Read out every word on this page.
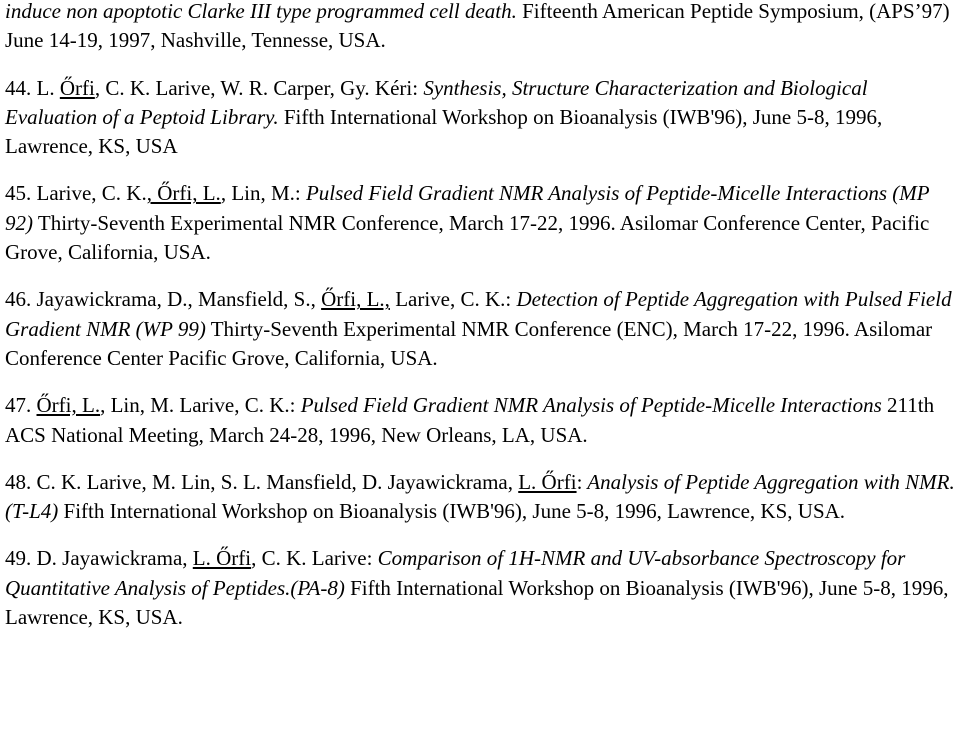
induce non apoptotic Clarke III type programmed cell death. Fifteenth American Peptide Symposium, (APS’97) June 14-19, 1997, Nashville, Tennesse, USA.

44. L. Őrfi, C. K. Larive, W. R. Carper, Gy. Kéri: Synthesis, Structure Characterization and Biological Evaluation of a Peptoid Library. Fifth International Workshop on Bioanalysis (IWB'96), June 5-8, 1996, Lawrence, KS, USA

45. Larive, C. K., Őrfi, L., Lin, M.: Pulsed Field Gradient NMR Analysis of Peptide-Micelle Interactions (MP 92) Thirty-Seventh Experimental NMR Conference, March 17-22, 1996. Asilomar Conference Center, Pacific Grove, California, USA.

46. Jayawickrama, D., Mansfield, S., Őrfi, L., Larive, C. K.: Detection of Peptide Aggregation with Pulsed Field Gradient NMR (WP 99) Thirty-Seventh Experimental NMR Conference (ENC), March 17-22, 1996. Asilomar Conference Center Pacific Grove, California, USA.

47. Őrfi, L., Lin, M. Larive, C. K.: Pulsed Field Gradient NMR Analysis of Peptide-Micelle Interactions 211th ACS National Meeting, March 24-28, 1996, New Orleans, LA, USA.

48. C. K. Larive, M. Lin, S. L. Mansfield, D. Jayawickrama, L. Őrfi: Analysis of Peptide Aggregation with NMR.(T-L4) Fifth International Workshop on Bioanalysis (IWB'96), June 5-8, 1996, Lawrence, KS, USA.

49. D. Jayawickrama, L. Őrfi, C. K. Larive: Comparison of 1H-NMR and UV-absorbance Spectroscopy for Quantitative Analysis of Peptides.(PA-8) Fifth International Workshop on Bioanalysis (IWB'96), June 5-8, 1996, Lawrence, KS, USA.
